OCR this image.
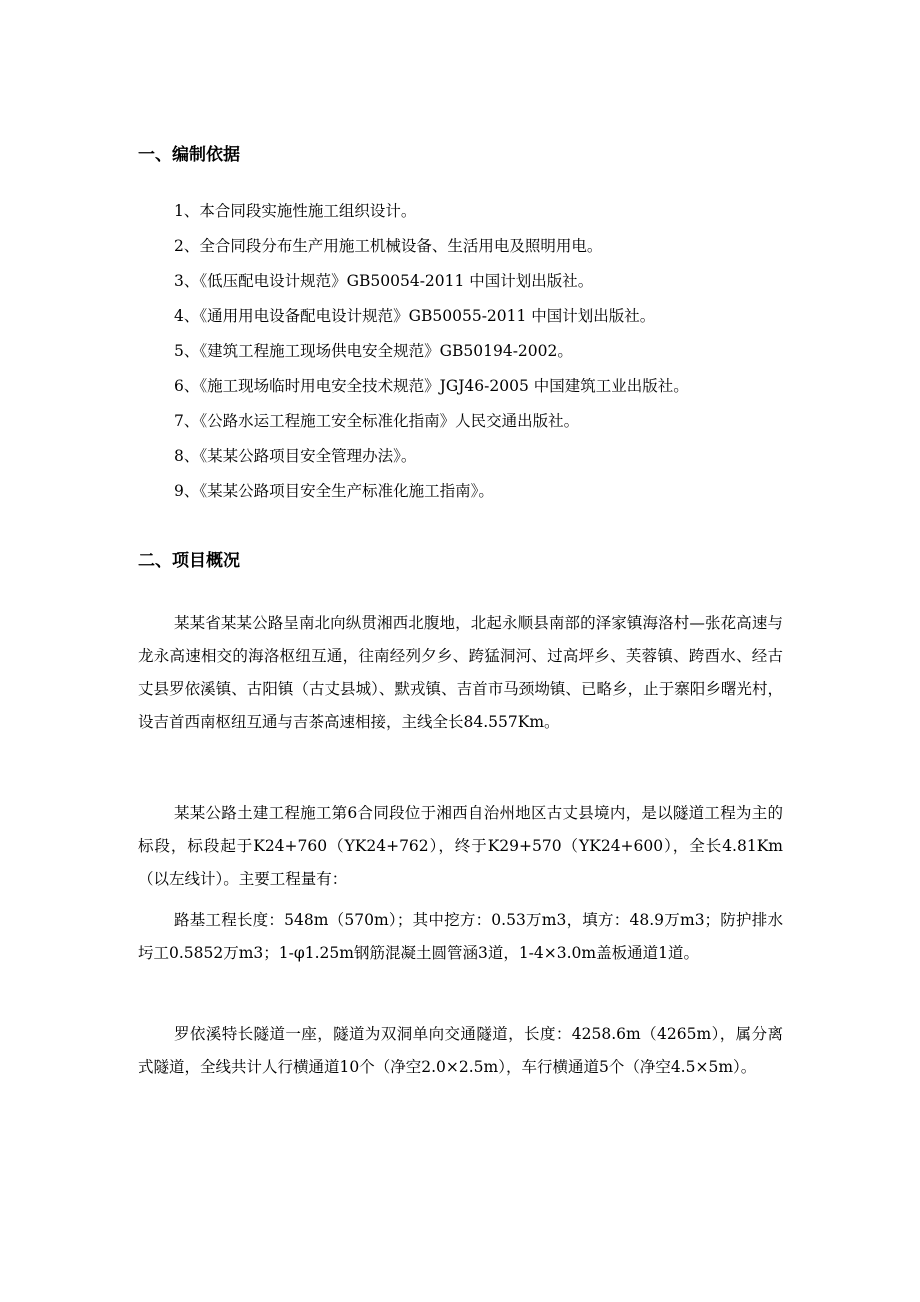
一、编制依据
1、本合同段实施性施工组织设计。
2、全合同段分布生产用施工机械设备、生活用电及照明用电。
3、《低压配电设计规范》GB50054-2011 中国计划出版社。
4、《通用用电设备配电设计规范》GB50055-2011 中国计划出版社。
5、《建筑工程施工现场供电安全规范》GB50194-2002。
6、《施工现场临时用电安全技术规范》JGJ46-2005 中国建筑工业出版社。
7、《公路水运工程施工安全标准化指南》人民交通出版社。
8、《某某公路项目安全管理办法》。
9、《某某公路项目安全生产标准化施工指南》。
二、项目概况

某某省某某公路呈南北向纵贯湘西北腹地，北起永顺县南部的泽家镇海洛村—张花高速与龙永高速相交的海洛枢纽互通，往南经列夕乡、跨猛洞河、过高坪乡、芙蓉镇、跨酉水、经古丈县罗依溪镇、古阳镇（古丈县城）、默戎镇、吉首市马颈坳镇、已略乡，止于寨阳乡曙光村，设吉首西南枢纽互通与吉茶高速相接，主线全长84.557Km。

某某公路土建工程施工第6合同段位于湘西自治州地区古丈县境内，是以隧道工程为主的标段，标段起于K24+760（YK24+762），终于K29+570（YK24+600），全长4.81Km（以左线计）。主要工程量有：

路基工程长度：548m（570m）；其中挖方：0.53万m3，填方：48.9万m3；防护排水圬工0.5852万m3；1-φ1.25m钢筋混凝土圆管涵3道，1-4×3.0m盖板通道1道。

罗依溪特长隧道一座，隧道为双洞单向交通隧道，长度：4258.6m（4265m），属分离式隧道，全线共计人行横通道10个（净空2.0×2.5m），车行横通道5个（净空4.5×5m）。
